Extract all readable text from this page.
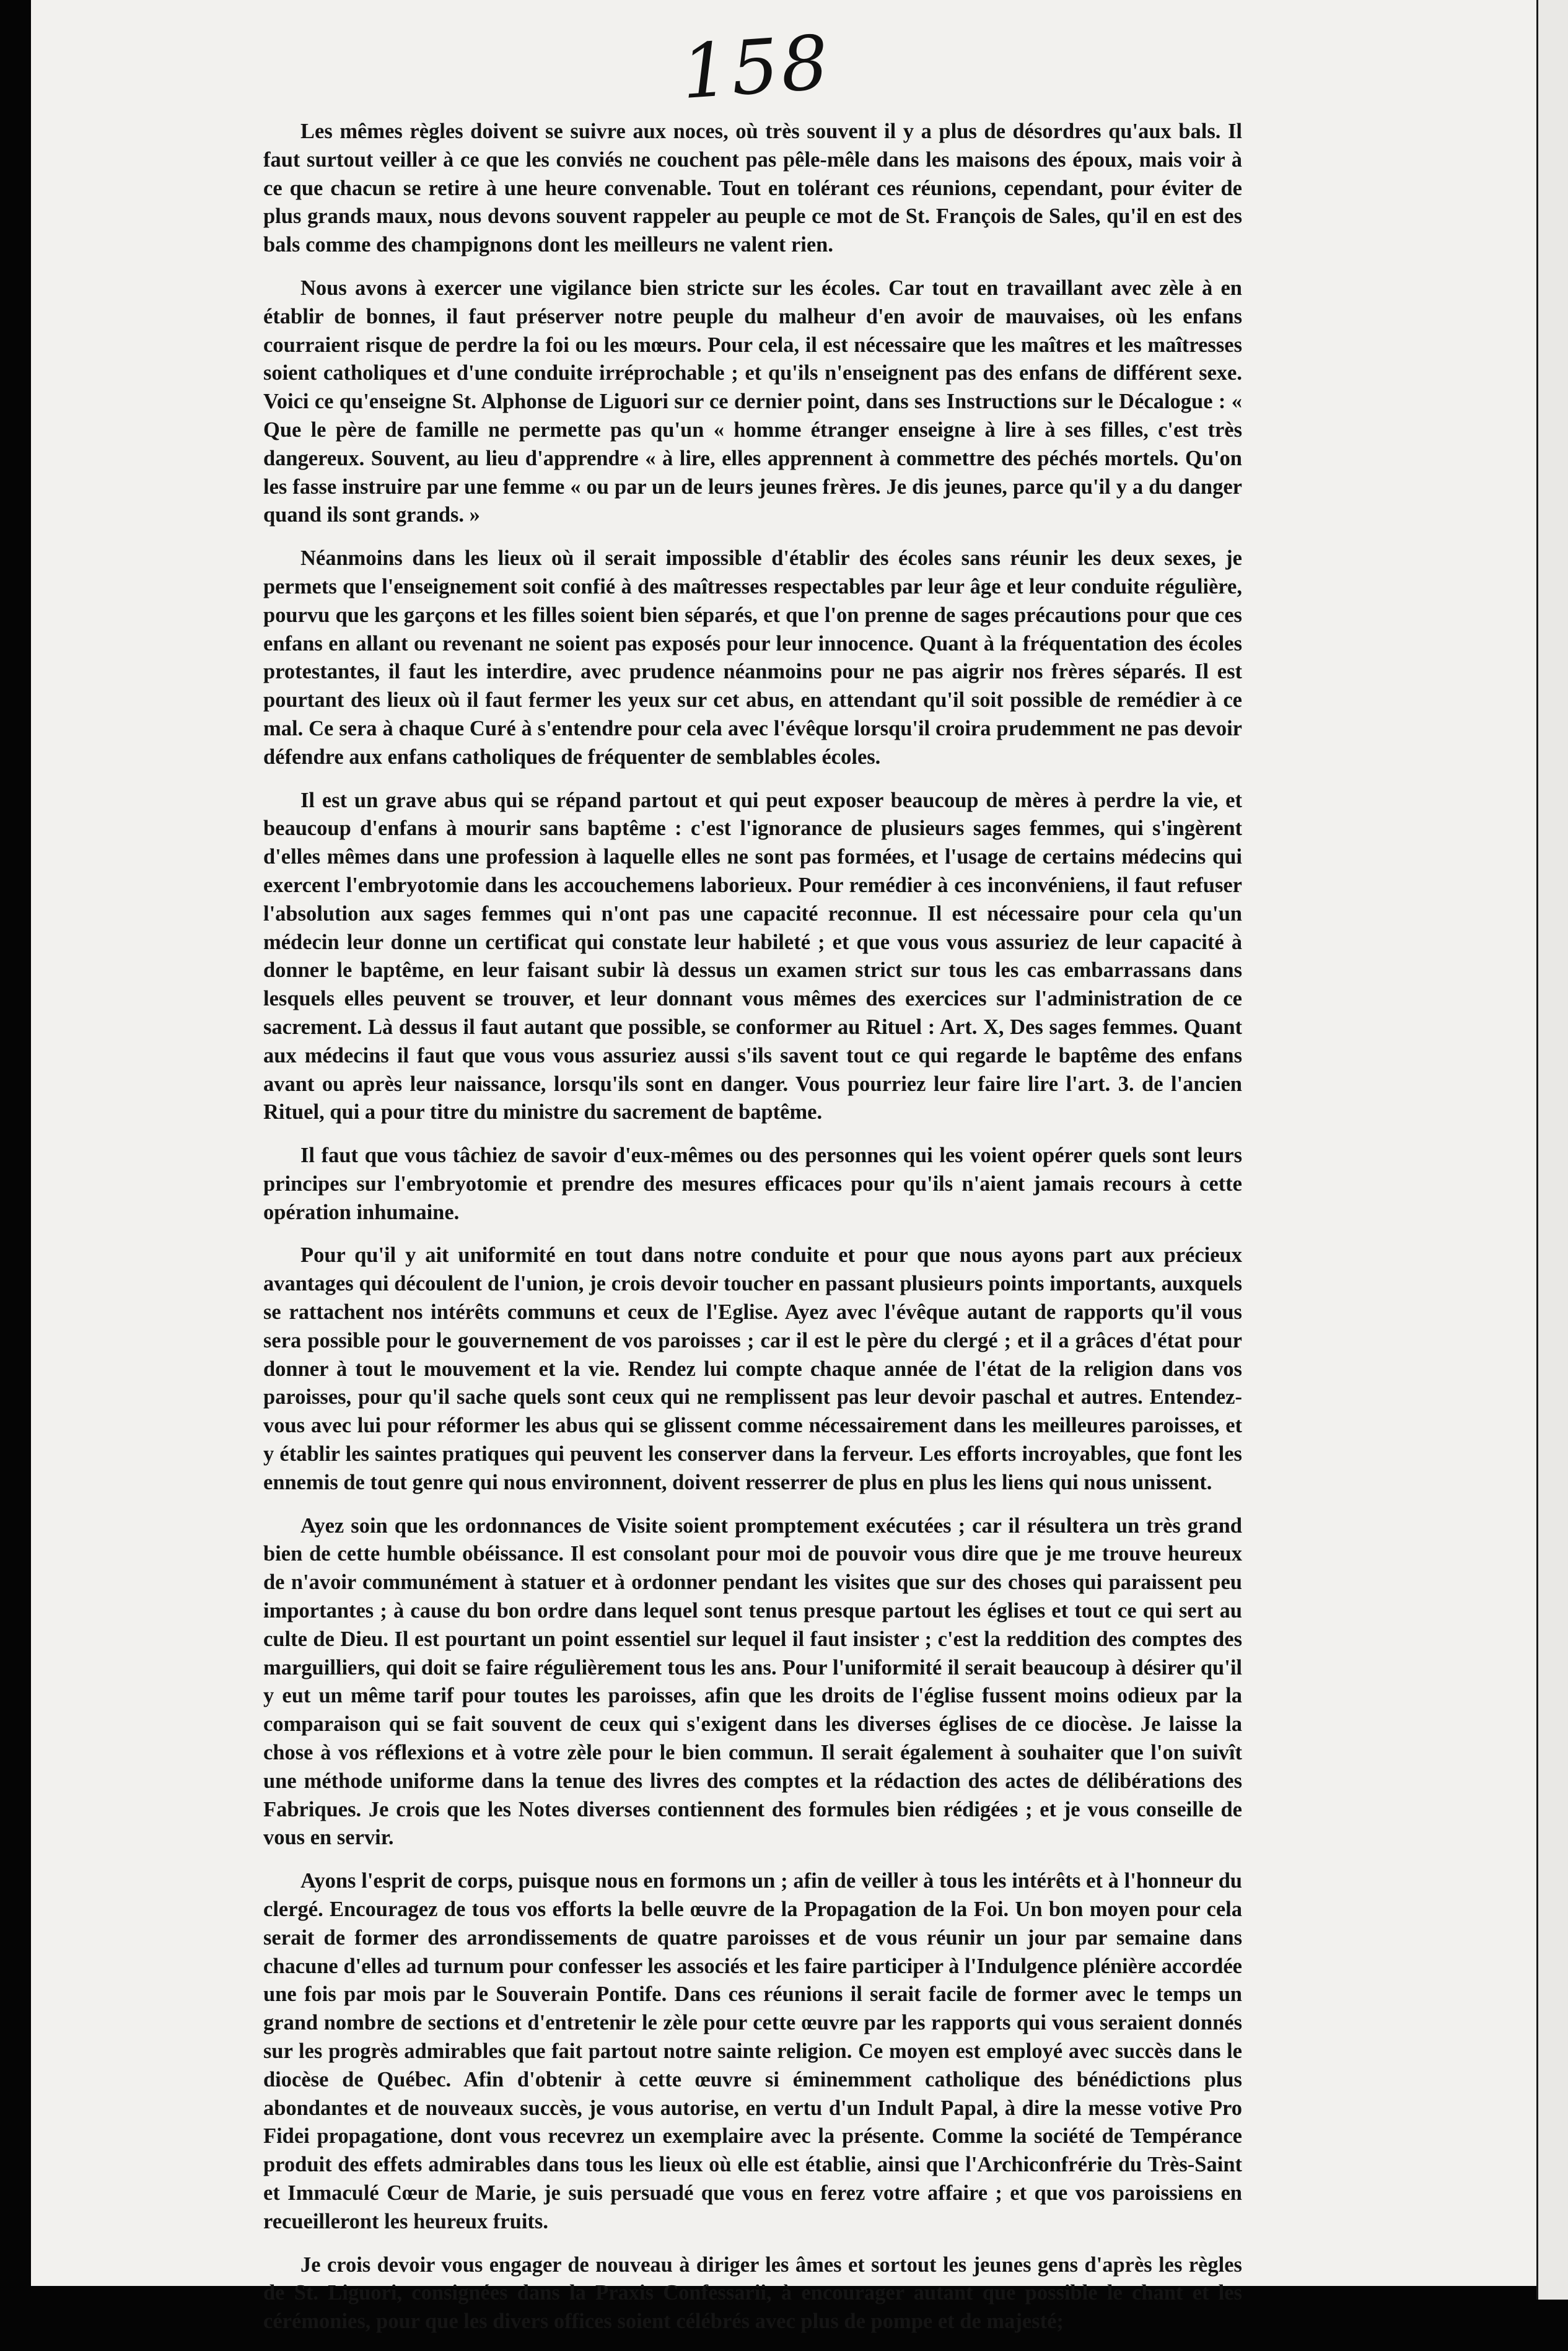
158

Les mêmes règles doivent se suivre aux noces, où très souvent il y a plus de désordres qu'aux bals. Il faut surtout veiller à ce que les conviés ne couchent pas pêle-mêle dans les maisons des époux, mais voir à ce que chacun se retire à une heure convenable. Tout en tolérant ces réunions, cependant, pour éviter de plus grands maux, nous devons souvent rappeler au peuple ce mot de St. François de Sales, qu'il en est des bals comme des champignons dont les meilleurs ne valent rien.

Nous avons à exercer une vigilance bien stricte sur les écoles. Car tout en travaillant avec zèle à en établir de bonnes, il faut préserver notre peuple du malheur d'en avoir de mauvaises, où les enfans courraient risque de perdre la foi ou les mœurs. Pour cela, il est nécessaire que les maîtres et les maîtresses soient catholiques et d'une conduite irréprochable ; et qu'ils n'enseignent pas des enfans de différent sexe. Voici ce qu'enseigne St. Alphonse de Liguori sur ce dernier point, dans ses Instructions sur le Décalogue : « Que le père de famille ne permette pas qu'un « homme étranger enseigne à lire à ses filles, c'est très dangereux. Souvent, au lieu d'apprendre « à lire, elles apprennent à commettre des péchés mortels. Qu'on les fasse instruire par une femme « ou par un de leurs jeunes frères. Je dis jeunes, parce qu'il y a du danger quand ils sont grands. »

Néanmoins dans les lieux où il serait impossible d'établir des écoles sans réunir les deux sexes, je permets que l'enseignement soit confié à des maîtresses respectables par leur âge et leur conduite régulière, pourvu que les garçons et les filles soient bien séparés, et que l'on prenne de sages précautions pour que ces enfans en allant ou revenant ne soient pas exposés pour leur innocence. Quant à la fréquentation des écoles protestantes, il faut les interdire, avec prudence néanmoins pour ne pas aigrir nos frères séparés. Il est pourtant des lieux où il faut fermer les yeux sur cet abus, en attendant qu'il soit possible de remédier à ce mal. Ce sera à chaque Curé à s'entendre pour cela avec l'évêque lorsqu'il croira prudemment ne pas devoir défendre aux enfans catholiques de fréquenter de semblables écoles.

Il est un grave abus qui se répand partout et qui peut exposer beaucoup de mères à perdre la vie, et beaucoup d'enfans à mourir sans baptême : c'est l'ignorance de plusieurs sages femmes, qui s'ingèrent d'elles mêmes dans une profession à laquelle elles ne sont pas formées, et l'usage de certains médecins qui exercent l'embryotomie dans les accouchemens laborieux. Pour remédier à ces inconvéniens, il faut refuser l'absolution aux sages femmes qui n'ont pas une capacité reconnue. Il est nécessaire pour cela qu'un médecin leur donne un certificat qui constate leur habileté ; et que vous vous assuriez de leur capacité à donner le baptême, en leur faisant subir là dessus un examen strict sur tous les cas embarrassans dans lesquels elles peuvent se trouver, et leur donnant vous mêmes des exercices sur l'administration de ce sacrement. Là dessus il faut autant que possible, se conformer au Rituel : Art. X, Des sages femmes. Quant aux médecins il faut que vous vous assuriez aussi s'ils savent tout ce qui regarde le baptême des enfans avant ou après leur naissance, lorsqu'ils sont en danger. Vous pourriez leur faire lire l'art. 3. de l'ancien Rituel, qui a pour titre du ministre du sacrement de baptême.

Il faut que vous tâchiez de savoir d'eux-mêmes ou des personnes qui les voient opérer quels sont leurs principes sur l'embryotomie et prendre des mesures efficaces pour qu'ils n'aient jamais recours à cette opération inhumaine.

Pour qu'il y ait uniformité en tout dans notre conduite et pour que nous ayons part aux précieux avantages qui découlent de l'union, je crois devoir toucher en passant plusieurs points importants, auxquels se rattachent nos intérêts communs et ceux de l'Eglise. Ayez avec l'évêque autant de rapports qu'il vous sera possible pour le gouvernement de vos paroisses ; car il est le père du clergé ; et il a grâces d'état pour donner à tout le mouvement et la vie. Rendez lui compte chaque année de l'état de la religion dans vos paroisses, pour qu'il sache quels sont ceux qui ne remplissent pas leur devoir paschal et autres. Entendez-vous avec lui pour réformer les abus qui se glissent comme nécessairement dans les meilleures paroisses, et y établir les saintes pratiques qui peuvent les conserver dans la ferveur. Les efforts incroyables, que font les ennemis de tout genre qui nous environnent, doivent resserrer de plus en plus les liens qui nous unissent.

Ayez soin que les ordonnances de Visite soient promptement exécutées ; car il résultera un très grand bien de cette humble obéissance. Il est consolant pour moi de pouvoir vous dire que je me trouve heureux de n'avoir communément à statuer et à ordonner pendant les visites que sur des choses qui paraissent peu importantes ; à cause du bon ordre dans lequel sont tenus presque partout les églises et tout ce qui sert au culte de Dieu. Il est pourtant un point essentiel sur lequel il faut insister ; c'est la reddition des comptes des marguilliers, qui doit se faire régulièrement tous les ans. Pour l'uniformité il serait beaucoup à désirer qu'il y eut un même tarif pour toutes les paroisses, afin que les droits de l'église fussent moins odieux par la comparaison qui se fait souvent de ceux qui s'exigent dans les diverses églises de ce diocèse. Je laisse la chose à vos réflexions et à votre zèle pour le bien commun. Il serait également à souhaiter que l'on suivît une méthode uniforme dans la tenue des livres des comptes et la rédaction des actes de délibérations des Fabriques. Je crois que les Notes diverses contiennent des formules bien rédigées ; et je vous conseille de vous en servir.

Ayons l'esprit de corps, puisque nous en formons un ; afin de veiller à tous les intérêts et à l'honneur du clergé. Encouragez de tous vos efforts la belle œuvre de la Propagation de la Foi. Un bon moyen pour cela serait de former des arrondissements de quatre paroisses et de vous réunir un jour par semaine dans chacune d'elles ad turnum pour confesser les associés et les faire participer à l'Indulgence plénière accordée une fois par mois par le Souverain Pontife. Dans ces réunions il serait facile de former avec le temps un grand nombre de sections et d'entretenir le zèle pour cette œuvre par les rapports qui vous seraient donnés sur les progrès admirables que fait partout notre sainte religion. Ce moyen est employé avec succès dans le diocèse de Québec. Afin d'obtenir à cette œuvre si éminemment catholique des bénédictions plus abondantes et de nouveaux succès, je vous autorise, en vertu d'un Indult Papal, à dire la messe votive Pro Fidei propagatione, dont vous recevrez un exemplaire avec la présente. Comme la société de Tempérance produit des effets admirables dans tous les lieux où elle est établie, ainsi que l'Archiconfrérie du Très-Saint et Immaculé Cœur de Marie, je suis persuadé que vous en ferez votre affaire ; et que vos paroissiens en recueilleront les heureux fruits.

Je crois devoir vous engager de nouveau à diriger les âmes et sortout les jeunes gens d'après les règles de St. Liguori, consignées dans la Praxis Confessarii, à encourager autant que possible le chant et les cérémonies, pour que les divers offices soient célébrés avec plus de pompe et de majesté;
